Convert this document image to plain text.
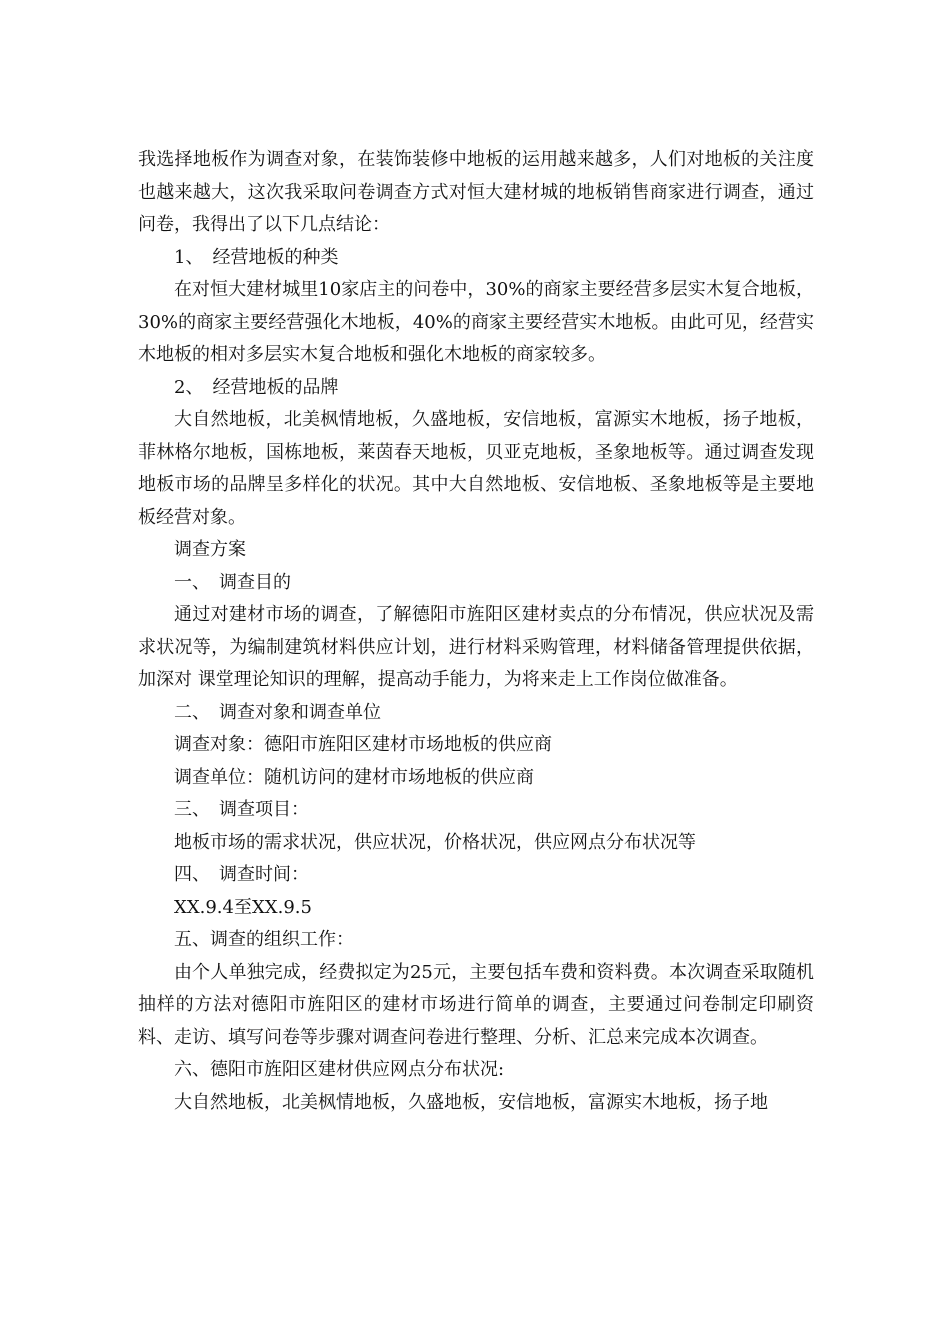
我选择地板作为调查对象，在装饰装修中地板的运用越来越多，人们对地板的关注度也越来越大，这次我采取问卷调查方式对恒大建材城的地板销售商家进行调查，通过问卷，我得出了以下几点结论：

1、　经营地板的种类

在对恒大建材城里10家店主的问卷中，30%的商家主要经营多层实木复合地板，30%的商家主要经营强化木地板，40%的商家主要经营实木地板。由此可见，经营实木地板的相对多层实木复合地板和强化木地板的商家较多。

2、　经营地板的品牌

大自然地板，北美枫情地板，久盛地板，安信地板，富源实木地板，扬子地板，菲林格尔地板，国栋地板，莱茵春天地板，贝亚克地板，圣象地板等。通过调查发现地板市场的品牌呈多样化的状况。其中大自然地板、安信地板、圣象地板等是主要地板经营对象。

调查方案

一、　调查目的

通过对建材市场的调查，了解德阳市旌阳区建材卖点的分布情况，供应状况及需求状况等，为编制建筑材料供应计划，进行材料采购管理，材料储备管理提供依据，加深对 课堂理论知识的理解，提高动手能力，为将来走上工作岗位做准备。

二、　调查对象和调查单位

调查对象：德阳市旌阳区建材市场地板的供应商

调查单位：随机访问的建材市场地板的供应商

三、　调查项目：

地板市场的需求状况，供应状况，价格状况，供应网点分布状况等

四、　调查时间：

XX.9.4至XX.9.5

五、调查的组织工作：

由个人单独完成，经费拟定为25元，主要包括车费和资料费。本次调查采取随机抽样的方法对德阳市旌阳区的建材市场进行简单的调查，主要通过问卷制定印刷资料、走访、填写问卷等步骤对调查问卷进行整理、分析、汇总来完成本次调查。

六、德阳市旌阳区建材供应网点分布状况:

大自然地板，北美枫情地板，久盛地板，安信地板，富源实木地板，扬子地
